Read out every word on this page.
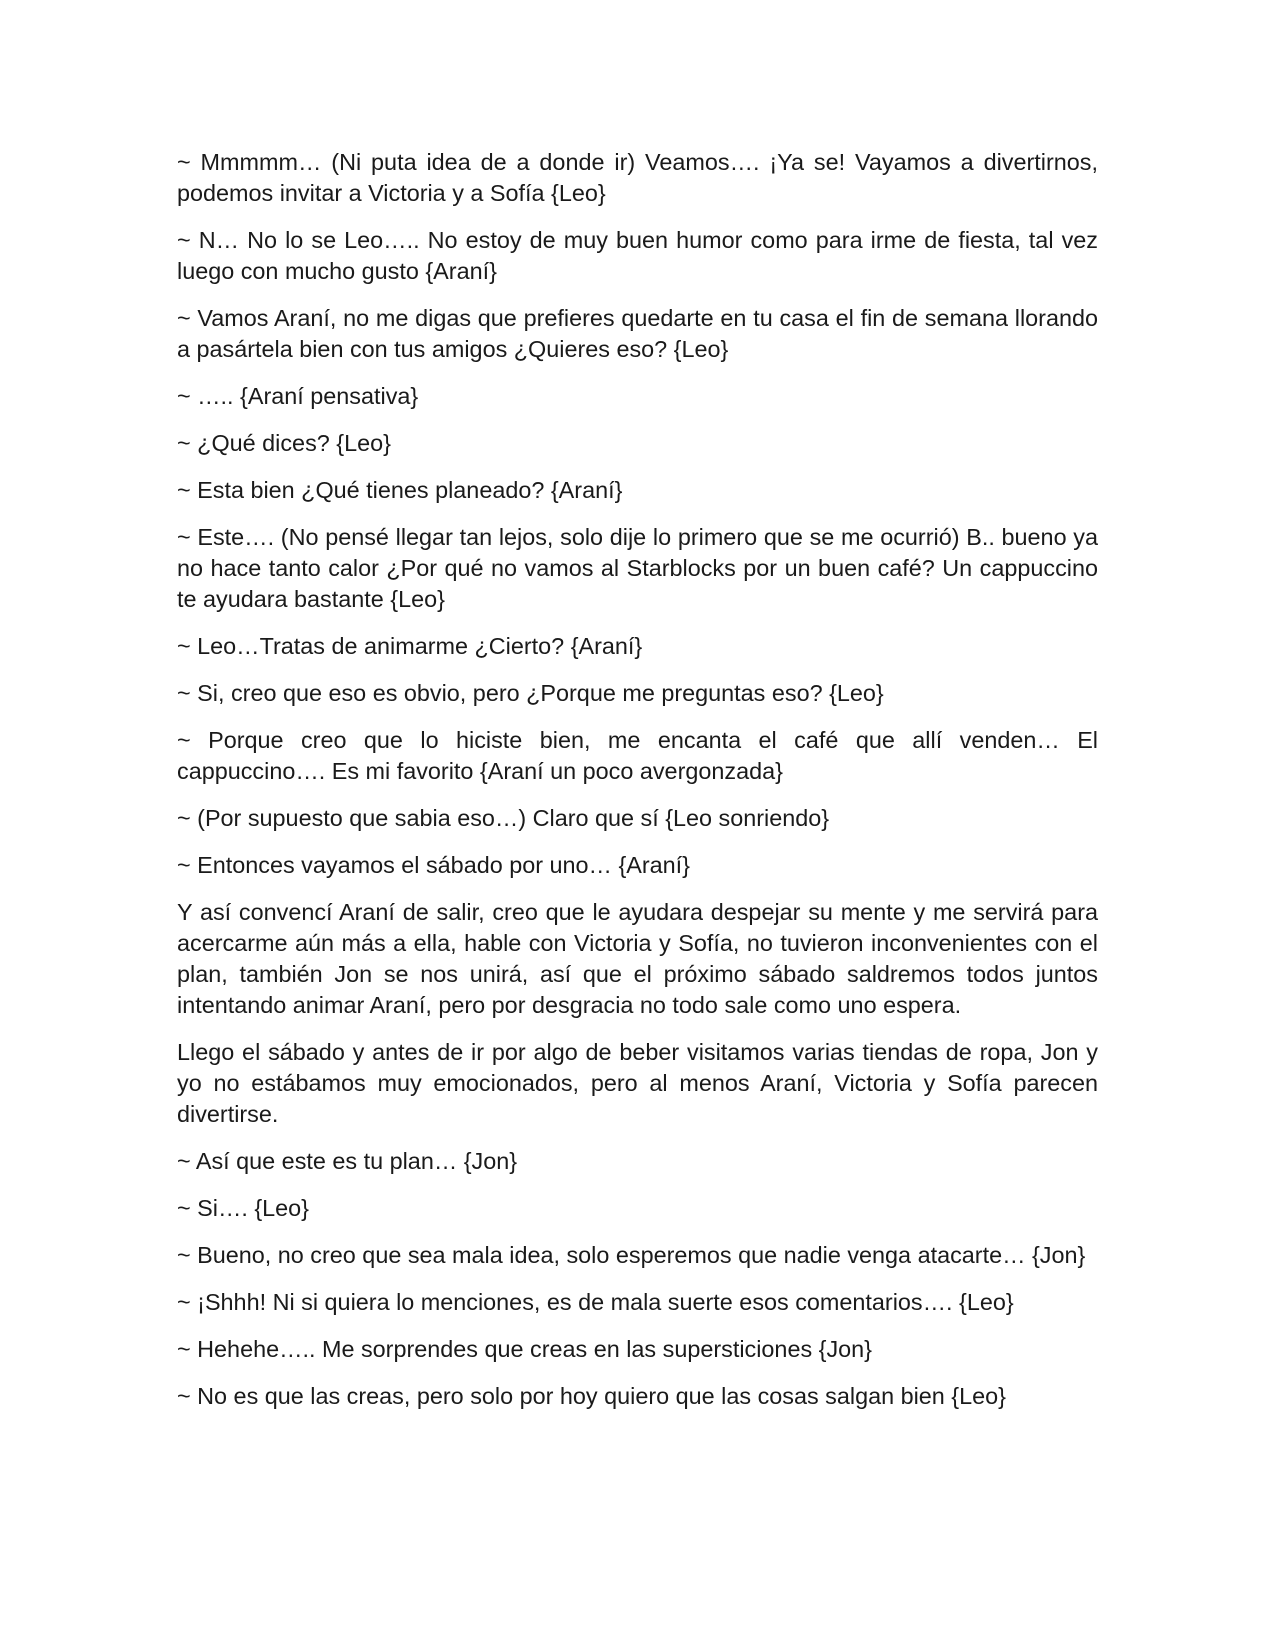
~ Mmmmm… (Ni puta idea de a donde ir) Veamos…. ¡Ya se! Vayamos a divertirnos, podemos invitar a Victoria y a Sofía {Leo}

~ N… No lo se Leo….. No estoy de muy buen humor como para irme de fiesta, tal vez luego con mucho gusto {Araní}

~ Vamos Araní, no me digas que prefieres quedarte en tu casa el fin de semana llorando a pasártela bien con tus amigos ¿Quieres eso? {Leo}

~ ….. {Araní pensativa}

~ ¿Qué dices? {Leo}

~ Esta bien ¿Qué tienes planeado? {Araní}

~ Este…. (No pensé llegar tan lejos, solo dije lo primero que se me ocurrió) B.. bueno ya no hace tanto calor ¿Por qué no vamos al Starblocks por un buen café? Un cappuccino te ayudara bastante {Leo}

~ Leo…Tratas de animarme ¿Cierto? {Araní}

~ Si, creo que eso es obvio, pero ¿Porque me preguntas eso? {Leo}

~ Porque creo que lo hiciste bien, me encanta el café que allí venden… El cappuccino…. Es mi favorito {Araní un poco avergonzada}

~ (Por supuesto que sabia eso…) Claro que sí {Leo sonriendo}

~ Entonces vayamos el sábado por uno… {Araní}

Y así convencí Araní de salir, creo que le ayudara despejar su mente y me servirá para acercarme aún más a ella, hable con Victoria y Sofía, no tuvieron inconvenientes con el plan, también Jon se nos unirá, así que el próximo sábado saldremos todos juntos intentando animar Araní, pero por desgracia no todo sale como uno espera.

Llego el sábado y antes de ir por algo de beber visitamos varias tiendas de ropa, Jon y yo no estábamos muy emocionados, pero al menos Araní, Victoria y Sofía parecen divertirse.

~ Así que este es tu plan… {Jon}

~ Si…. {Leo}

~ Bueno, no creo que sea mala idea, solo esperemos que nadie venga atacarte… {Jon}

~ ¡Shhh! Ni si quiera lo menciones, es de mala suerte esos comentarios…. {Leo}

~ Hehehe….. Me sorprendes que creas en las supersticiones {Jon}

~ No es que las creas, pero solo por hoy quiero que las cosas salgan bien {Leo}
